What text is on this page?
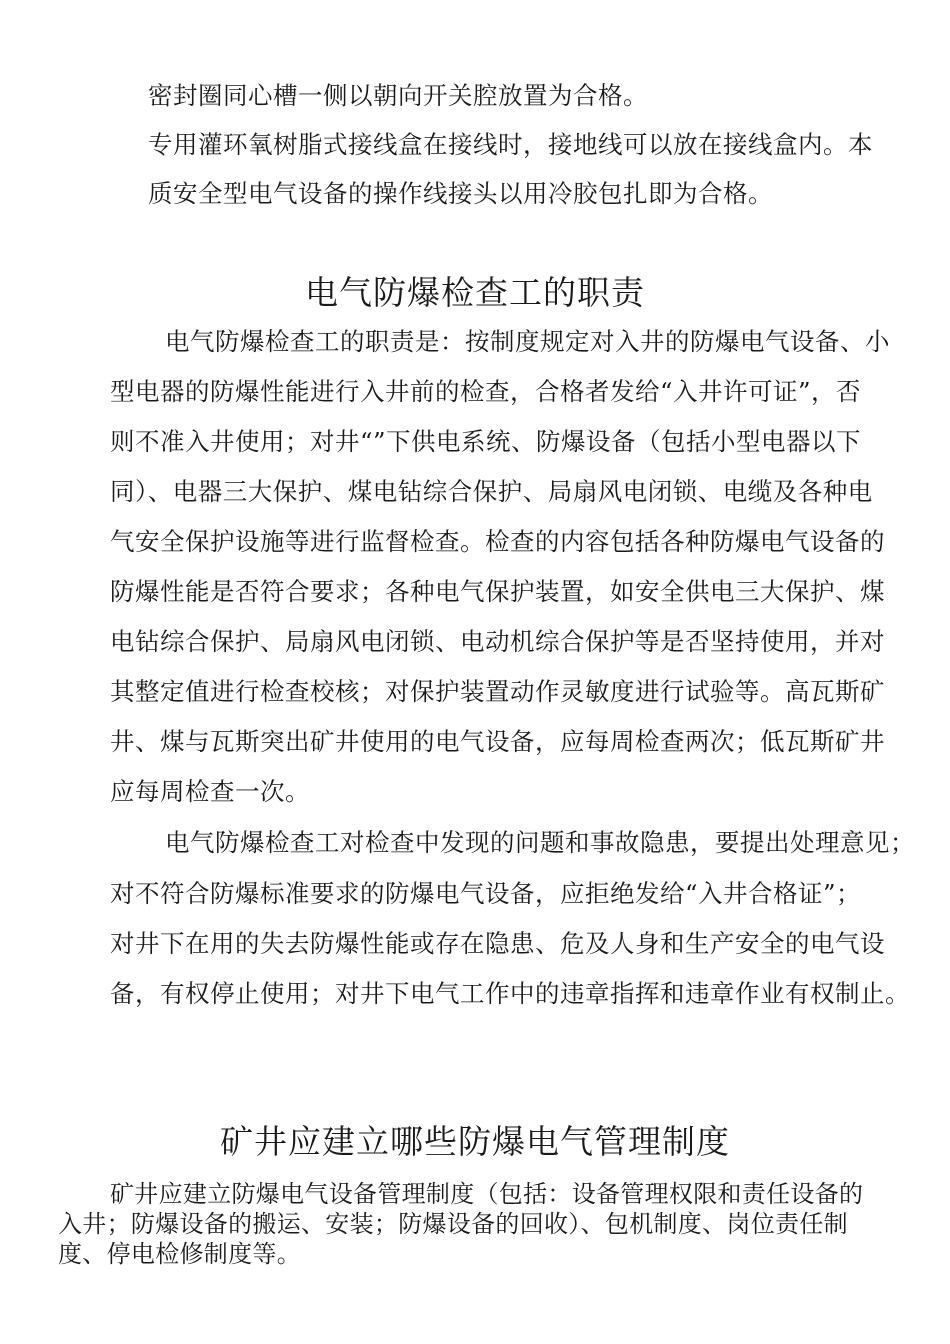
密封圈同心槽一侧以朝向开关腔放置为合格。
专用灌环氧树脂式接线盒在接线时，接地线可以放在接线盒内。本
质安全型电气设备的操作线接头以用冷胶包扎即为合格。
电气防爆检查工的职责
电气防爆检查工的职责是：按制度规定对入井的防爆电气设备、小
型电器的防爆性能进行入井前的检查，合格者发给“入井许可证”，否
则不准入井使用；对井“”下供电系统、防爆设备（包括小型电器以下
同）、电器三大保护、煤电钻综合保护、局扇风电闭锁、电缆及各种电
气安全保护设施等进行监督检查。检查的内容包括各种防爆电气设备的
防爆性能是否符合要求；各种电气保护装置，如安全供电三大保护、煤
电钻综合保护、局扇风电闭锁、电动机综合保护等是否坚持使用，并对
其整定值进行检查校核；对保护装置动作灵敏度进行试验等。高瓦斯矿
井、煤与瓦斯突出矿井使用的电气设备，应每周检查两次；低瓦斯矿井
应每周检查一次。
电气防爆检查工对检查中发现的问题和事故隐患，要提出处理意见；
对不符合防爆标准要求的防爆电气设备，应拒绝发给“入井合格证”；
对井下在用的失去防爆性能或存在隐患、危及人身和生产安全的电气设
备，有权停止使用；对井下电气工作中的违章指挥和违章作业有权制止。
矿井应建立哪些防爆电气管理制度
矿井应建立防爆电气设备管理制度（包括：设备管理权限和责任设备的
入井；防爆设备的搬运、安装；防爆设备的回收）、包机制度、岗位责任制
度、停电检修制度等。
